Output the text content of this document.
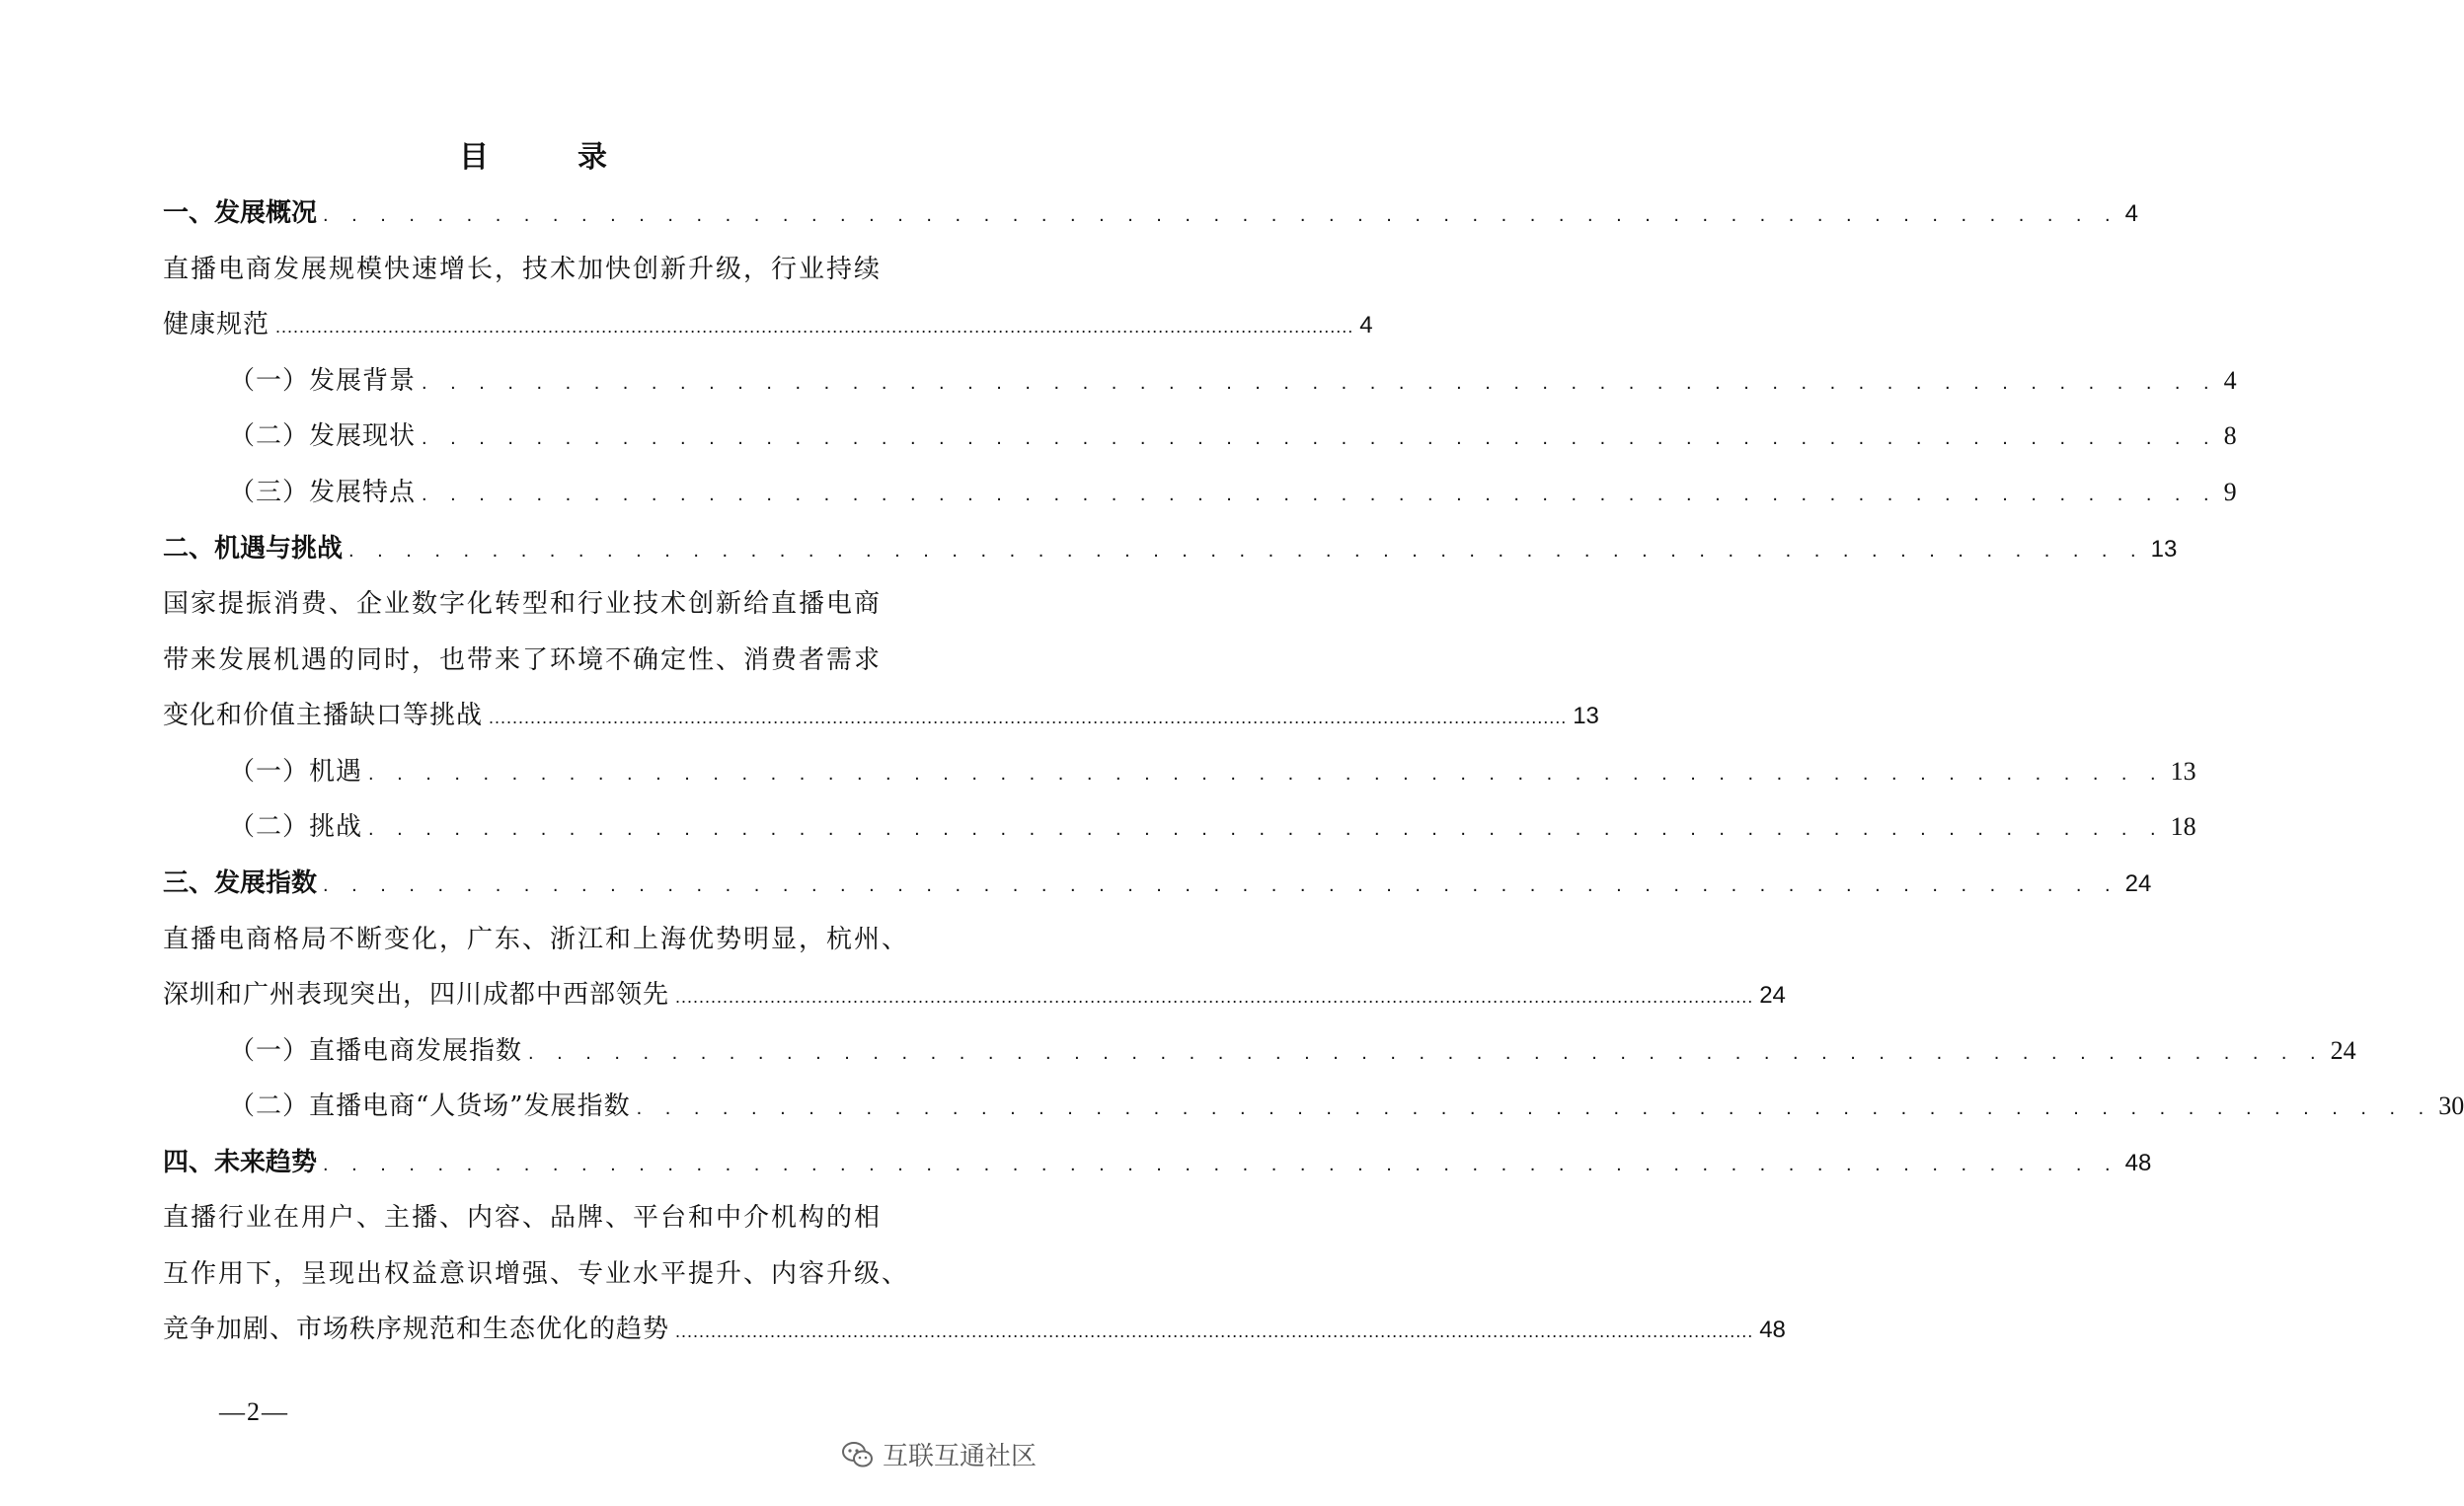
目　录
一、发展概况 . . . . . . . . . . . . . . . . . . . . . . . . . . . . . . . . . . . . . . . . . . . . . . . . . . . . . . . . . . . . . . . 4
直播电商发展规模快速增长，技术加快创新升级，行业持续
健康规范 ...................................................................................................................................................................................... 4
（一）发展背景 . . . . . . . . . . . . . . . . . . . . . . . . . . . . . . . . . . . . . . . . . . . . . . . . . . . . . . . . . . . . . . . 4
（二）发展现状 . . . . . . . . . . . . . . . . . . . . . . . . . . . . . . . . . . . . . . . . . . . . . . . . . . . . . . . . . . . . . . . 8
（三）发展特点 . . . . . . . . . . . . . . . . . . . . . . . . . . . . . . . . . . . . . . . . . . . . . . . . . . . . . . . . . . . . . . . 9
二、机遇与挑战 . . . . . . . . . . . . . . . . . . . . . . . . . . . . . . . . . . . . . . . . . . . . . . . . . . . . . . . . . . . . . . . 13
国家提振消费、企业数字化转型和行业技术创新给直播电商
带来发展机遇的同时，也带来了环境不确定性、消费者需求
变化和价值主播缺口等挑战 ...................................................................................................................................................................................... 13
（一）机遇 . . . . . . . . . . . . . . . . . . . . . . . . . . . . . . . . . . . . . . . . . . . . . . . . . . . . . . . . . . . . . . . 13
（二）挑战 . . . . . . . . . . . . . . . . . . . . . . . . . . . . . . . . . . . . . . . . . . . . . . . . . . . . . . . . . . . . . . . 18
三、发展指数 . . . . . . . . . . . . . . . . . . . . . . . . . . . . . . . . . . . . . . . . . . . . . . . . . . . . . . . . . . . . . . . 24
直播电商格局不断变化，广东、浙江和上海优势明显，杭州、
深圳和广州表现突出，四川成都中西部领先 ...................................................................................................................................................................................... 24
（一）直播电商发展指数 . . . . . . . . . . . . . . . . . . . . . . . . . . . . . . . . . . . . . . . . . . . . . . . . . . . . . . . . . . . . . . . 24
（二）直播电商“人货场”发展指数 . . . . . . . . . . . . . . . . . . . . . . . . . . . . . . . . . . . . . . . . . . . . . . . . . . . . . . . . . . . . . . . 30
四、未来趋势 . . . . . . . . . . . . . . . . . . . . . . . . . . . . . . . . . . . . . . . . . . . . . . . . . . . . . . . . . . . . . . . 48
直播行业在用户、主播、内容、品牌、平台和中介机构的相
互作用下，呈现出权益意识增强、专业水平提升、内容升级、
竞争加剧、市场秩序规范和生态优化的趋势 ...................................................................................................................................................................................... 48
—2—
互联互通社区
